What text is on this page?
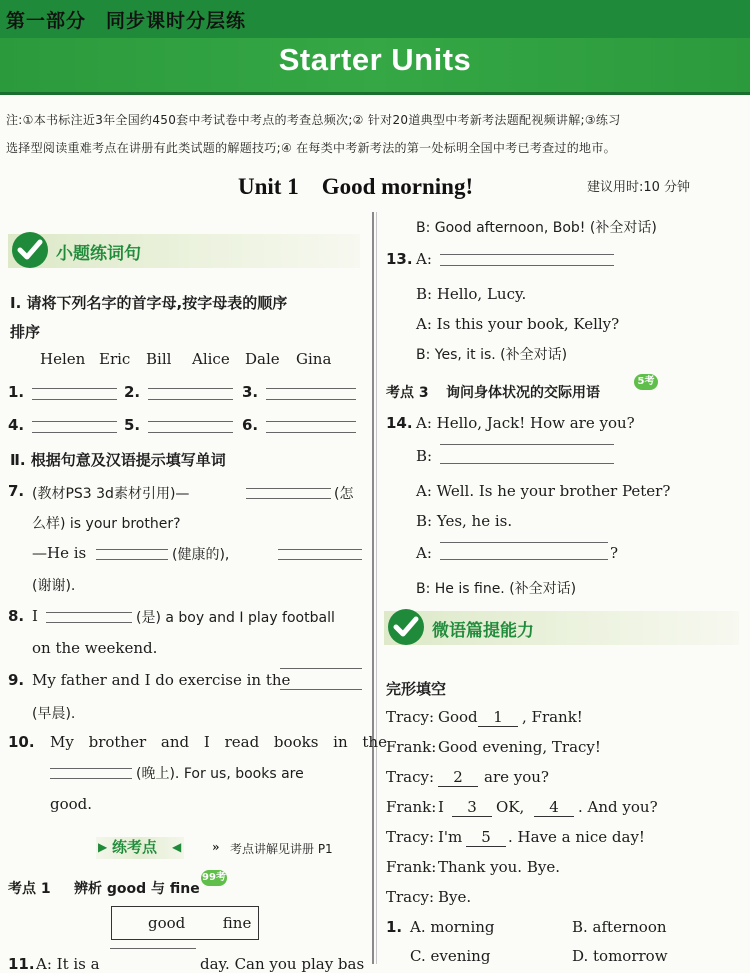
第一部分　同步课时分层练
Starter Units
注:①本书标注近3年全国约450套中考试卷中考点的考查总频次;② 针对20道典型中考新考法题配视频讲解;③练习
选择型阅读重难考点在讲册有此类试题的解题技巧;④ 在每类中考新考法的第一处标明全国中考已考查过的地市。
Unit 1　Good morning!	建议用时:10 分钟
小题练词句
Ⅰ. 请将下列名字的首字母,按字母表的顺序
排序
Helen Eric Bill Alice Dale Gina
1.	2.	3.
4.	5.	6.
Ⅱ. 根据句意及汉语提示填写单词
7. (教材PS3 3d素材引用)—	(怎
么样) is your brother?
—He is	(健康的),
(谢谢).
8. I	(是) a boy and I play football
on the weekend.
9. My father and I do exercise in the
(早晨).
10. My brother and I read books in the
(晚上). For us, books are
good.
▶ 练考点 ◀	» 考点讲解见讲册 P1
考点 1 辨析 good 与 fine
99考
good  fine
11. A: It is a	day. Can you play bas
B: Good afternoon, Bob! (补全对话)
13. A:
B: Hello, Lucy.
A: Is this your book, Kelly?
B: Yes, it is. (补全对话)
考点 3 询问身体状况的交际用语
5考
14. A: Hello, Jack! How are you?
B:
A: Well. Is he your brother Peter?
B: Yes, he is.
A:	?
B: He is fine. (补全对话)
微语篇提能力
完形填空
Tracy: Good	1	, Frank!
Frank: Good evening, Tracy!
Tracy:	2	are you?
Frank: I	3	OK,	4	. And you?
Tracy: I'm	5	. Have a nice day!
Frank: Thank you. Bye.
Tracy: Bye.
1. A. morning	B. afternoon
C. evening	D. tomorrow
